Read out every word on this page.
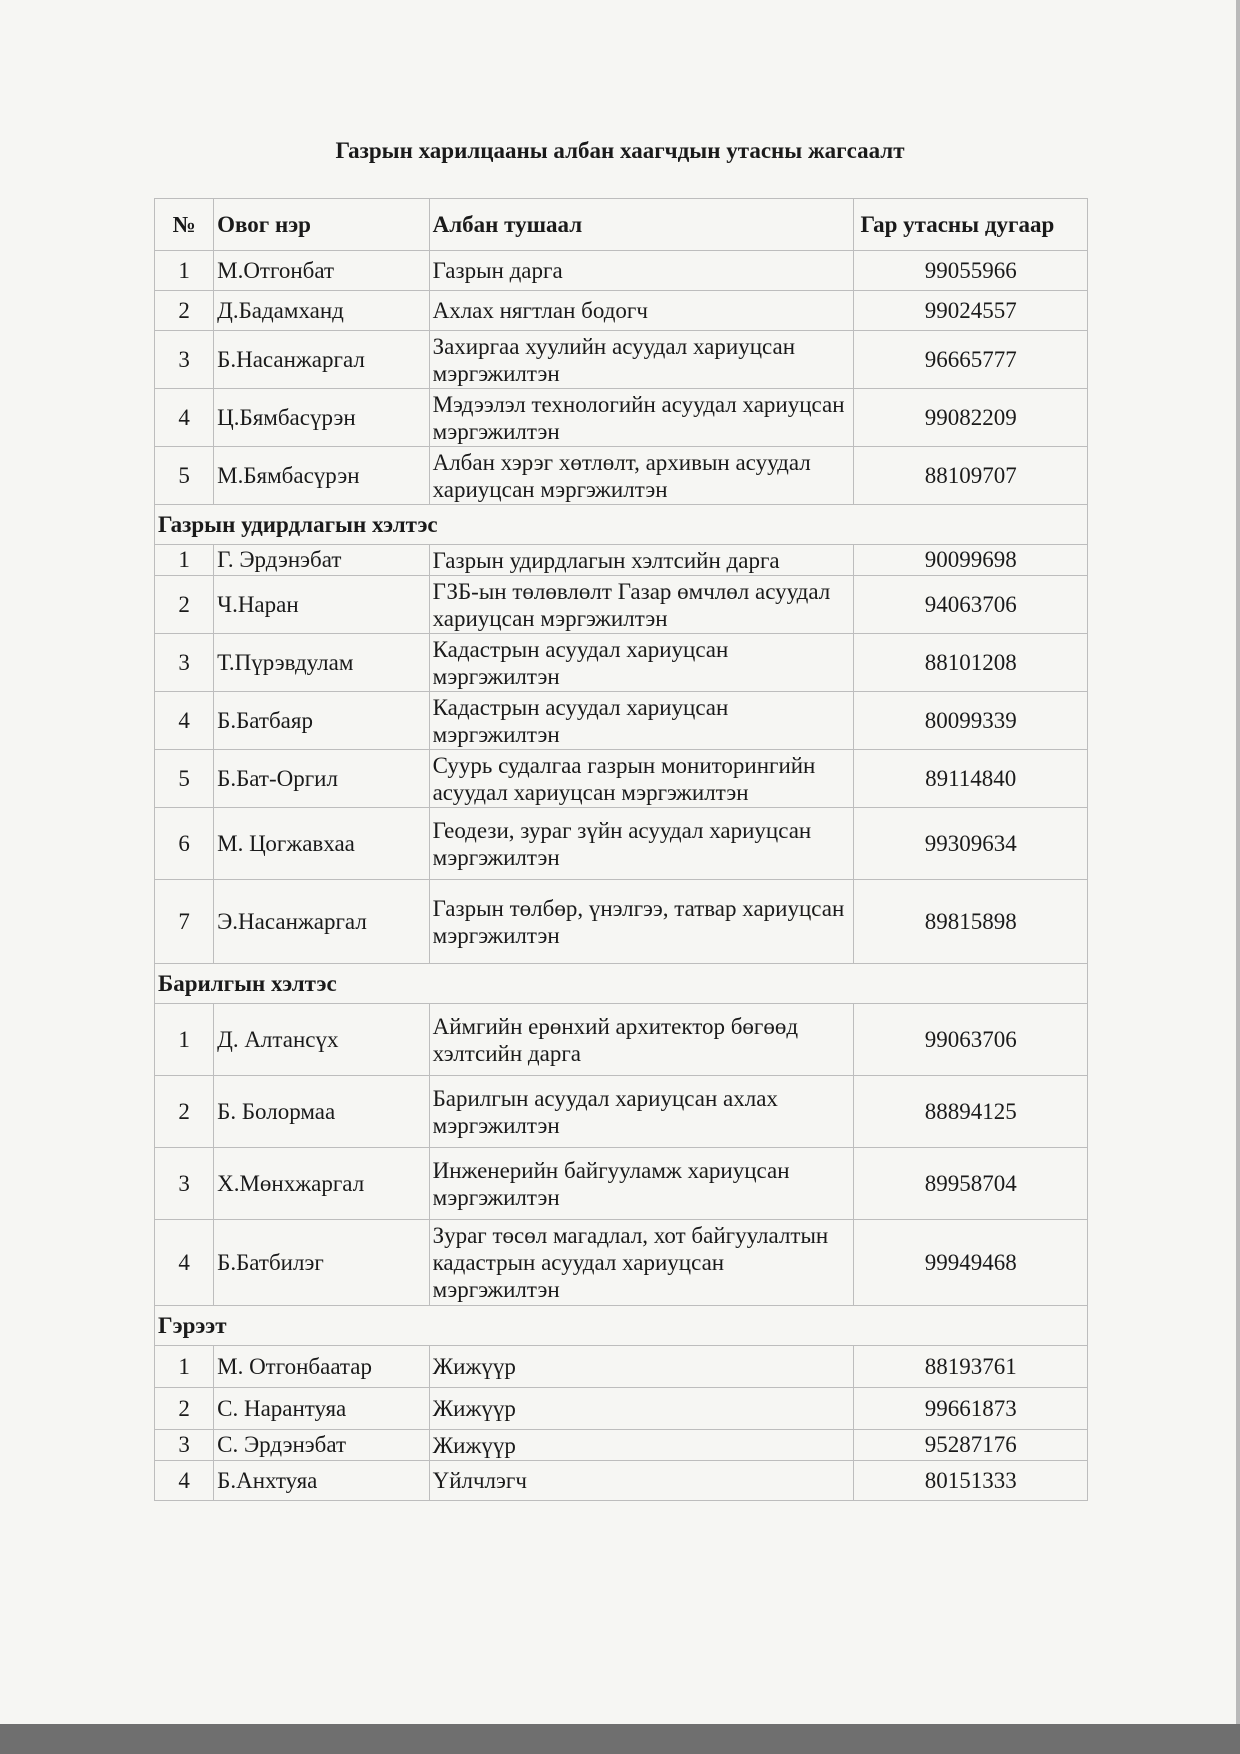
Газрын харилцааны албан хаагчдын утасны жагсаалт
№	Овог нэр	Албан тушаал	Гар утасны дугаар
1	М.Отгонбат	Газрын дарга	99055966
2	Д.Бадамханд	Ахлах нягтлан бодогч	99024557
3	Б.Насанжаргал	Захиргаа хуулийн асуудал хариуцсан мэргэжилтэн	96665777
4	Ц.Бямбасүрэн	Мэдээлэл технологийн асуудал хариуцсан мэргэжилтэн	99082209
5	М.Бямбасүрэн	Албан хэрэг хөтлөлт, архивын асуудал хариуцсан мэргэжилтэн	88109707
Газрын удирдлагын хэлтэс			
1	Г. Эрдэнэбат	Газрын удирдлагын хэлтсийн дарга	90099698
2	Ч.Наран	ГЗБ-ын төлөвлөлт Газар өмчлөл асуудал хариуцсан мэргэжилтэн	94063706
3	Т.Пүрэвдулам	Кадастрын асуудал хариуцсан мэргэжилтэн	88101208
4	Б.Батбаяр	Кадастрын асуудал хариуцсан мэргэжилтэн	80099339
5	Б.Бат-Оргил	Суурь судалгаа газрын мониторингийн асуудал хариуцсан мэргэжилтэн	89114840
6	М. Цогжавхаа	Геодези, зураг зүйн асуудал хариуцсан мэргэжилтэн	99309634
7	Э.Насанжаргал	Газрын төлбөр, үнэлгээ, татвар хариуцсан мэргэжилтэн	89815898
Барилгын хэлтэс			
1	Д. Алтансүх	Аймгийн ерөнхий архитектор бөгөөд хэлтсийн дарга	99063706
2	Б. Болормаа	Барилгын асуудал хариуцсан ахлах мэргэжилтэн	88894125
3	Х.Мөнхжаргал	Инженерийн байгууламж хариуцсан мэргэжилтэн	89958704
4	Б.Батбилэг	Зураг төсөл магадлал, хот байгуулалтын кадастрын асуудал хариуцсан мэргэжилтэн	99949468
Гэрээт			
1	М. Отгонбаатар	Жижүүр	88193761
2	С. Нарантуяа	Жижүүр	99661873
3	С. Эрдэнэбат	Жижүүр	95287176
4	Б.Анхтуяа	Үйлчлэгч	80151333
